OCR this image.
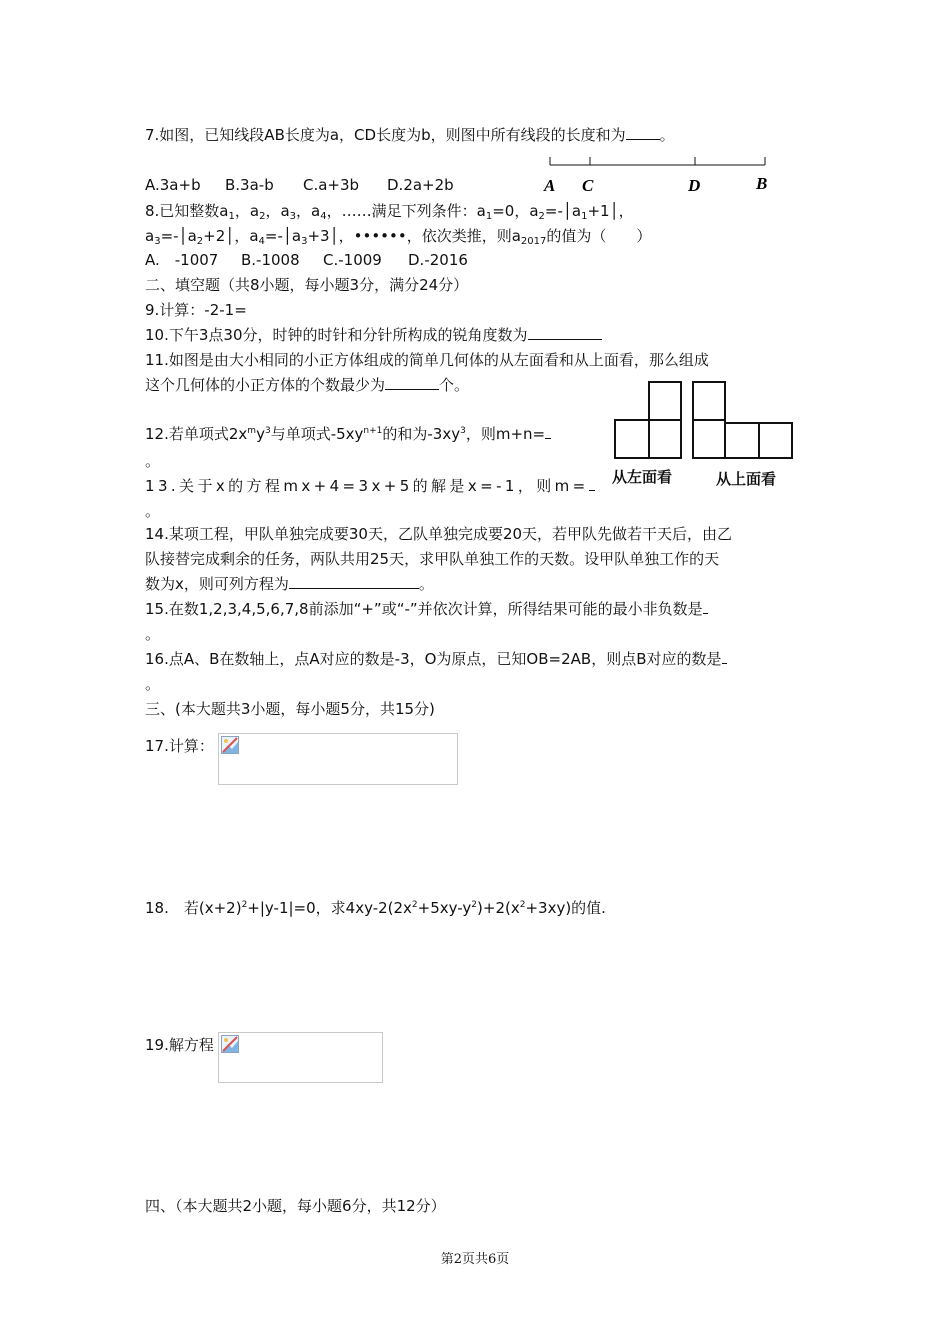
7.如图，已知线段AB长度为a，CD长度为b，则图中所有线段的长度和为 。
A C	D	B
A.3a+b B.3a-b C.a+3b D.2a+2b
8.已知整数$a_1$，$a_2$，$a_3$，$a_4$，……满足下列条件：$a_1=0$，$a_2=-│a_1+1│$，
$a_3=-│a_2+2│$，$a_4=-│a_3+3│$，••••••，依次类推，则$a_{2017}$的值为（　　）
A.　-1007 B.-1008 C.-1009 D.-2016
二、填空题（共8小题，每小题3分，满分24分）
9.计算：-2-1=
10.下午3点30分，时钟的时针和分针所构成的锐角度数为
11.如图是由大小相同的小正方体组成的简单几何体的从左面看和从上面看，那么组成
这个几何体的小正方体的个数最少为	个。
从左面看	从上面看
12.若单项式$2x^my^3$与单项式$-5xy^{n+1}$的和为$-3xy^3$，则m+n=
。
13.关于x的方程mx+4=3x+5的解是x=-1，则m=
。
14.某项工程，甲队单独完成要30天，乙队单独完成要20天，若甲队先做若干天后，由乙
队接替完成剩余的任务，两队共用25天，求甲队单独工作的天数。设甲队单独工作的天
数为x，则可列方程为	。
15.在数1,2,3,4,5,6,7,8前添加“+”或“-”并依次计算，所得结果可能的最小非负数是
。
16.点A、B在数轴上，点A对应的数是-3，O为原点，已知OB=2AB，则点B对应的数是
。
三、(本大题共3小题，每小题5分，共15分)
17.计算：
18.　若$(x+2)^2+|y-1|=0$，求$4xy-2(2x^2+5xy-y^2)+2(x^2+3xy)$的值.
19.解方程
四、（本大题共2小题，每小题6分，共12分）
第2页共6页
